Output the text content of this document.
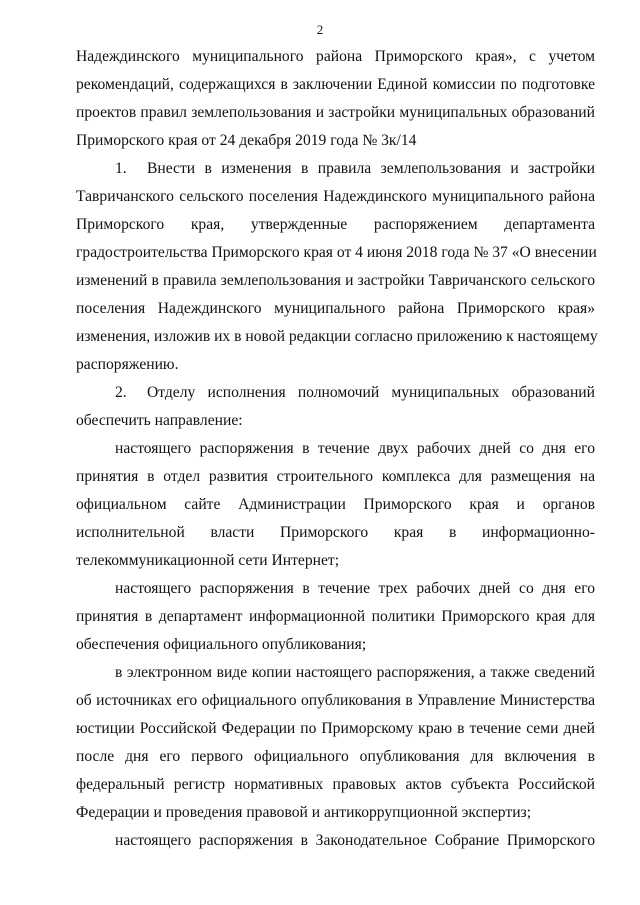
2
Надеждинского муниципального района Приморского края», с учетом
рекомендаций, содержащихся в заключении Единой комиссии по подготовке
проектов правил землепользования и застройки муниципальных образований
Приморского края от 24 декабря 2019 года № 3к/14
1. Внести в изменения в правила землепользования и застройки
Тавричанского сельского поселения Надеждинского муниципального района
Приморского края, утвержденные распоряжением департамента
градостроительства Приморского края от 4 июня 2018 года № 37 «О внесении
изменений в правила землепользования и застройки Тавричанского сельского
поселения Надеждинского муниципального района Приморского края»
изменения, изложив их в новой редакции согласно приложению к настоящему
распоряжению.
2. Отделу исполнения полномочий муниципальных образований
обеспечить направление:
настоящего распоряжения в течение двух рабочих дней со дня его
принятия в отдел развития строительного комплекса для размещения на
официальном сайте Администрации Приморского края и органов
исполнительной власти Приморского края в информационно-
телекоммуникационной сети Интернет;
настоящего распоряжения в течение трех рабочих дней со дня его
принятия в департамент информационной политики Приморского края для
обеспечения официального опубликования;
в электронном виде копии настоящего распоряжения, а также сведений
об источниках его официального опубликования в Управление Министерства
юстиции Российской Федерации по Приморскому краю в течение семи дней
после дня его первого официального опубликования для включения в
федеральный регистр нормативных правовых актов субъекта Российской
Федерации и проведения правовой и антикоррупционной экспертиз;
настоящего распоряжения в Законодательное Собрание Приморского
